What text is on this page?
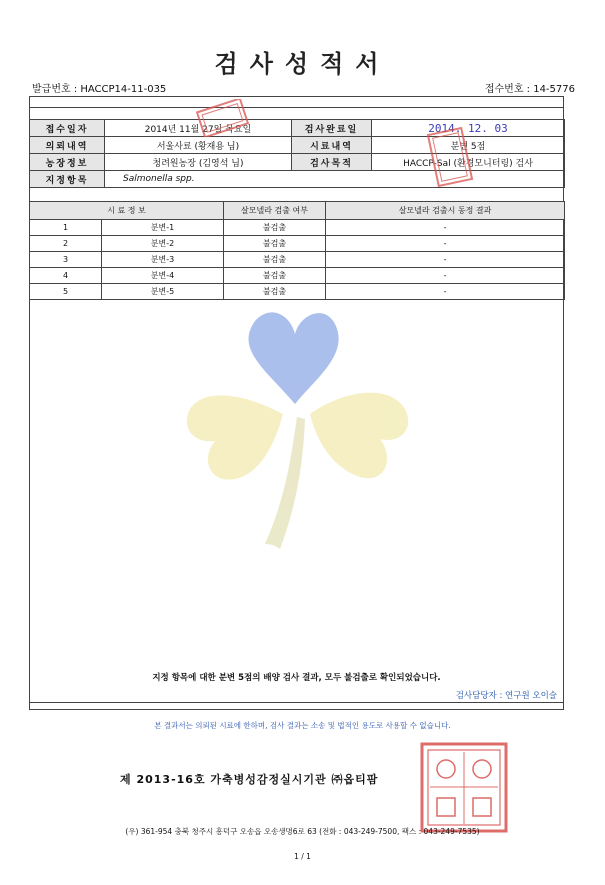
검사성적서
발급번호 : HACCP14-11-035	접수번호 : 14-5776
접수일자	2014년 11월 27일 목요일	검사완료일	2014. 12. 03
의뢰내역	서울사료 (황재용 님)	시료내역	분변 5점
농장정보	청려원농장 (김영석 님)	검사목적	HACCP-Sal (환경모니터링) 검사
지정항목	Salmonella spp.		
시 료 정 보		살모넬라 검출 여부	살모넬라 검출시 동정 결과
1	분변-1	불검출	-
2	분변-2	불검출	-
3	분변-3	불검출	-
4	분변-4	불검출	-
5	분변-5	불검출	-
지정 항목에 대한 분변 5점의 배양 검사 결과, 모두 불검출로 확인되었습니다.
검사담당자 : 연구원 오이슬
본 결과서는 의뢰된 시료에 한하며, 검사 결과는 소송 및 법적인 용도로 사용할 수 없습니다.
제 2013-16호 가축병성감정실시기관 ㈜옵티팜
(우) 361-954 충북 청주시 흥덕구 오송읍 오송생명6로 63 (전화 : 043-249-7500, 팩스 : 043-249-7535)
1 / 1
